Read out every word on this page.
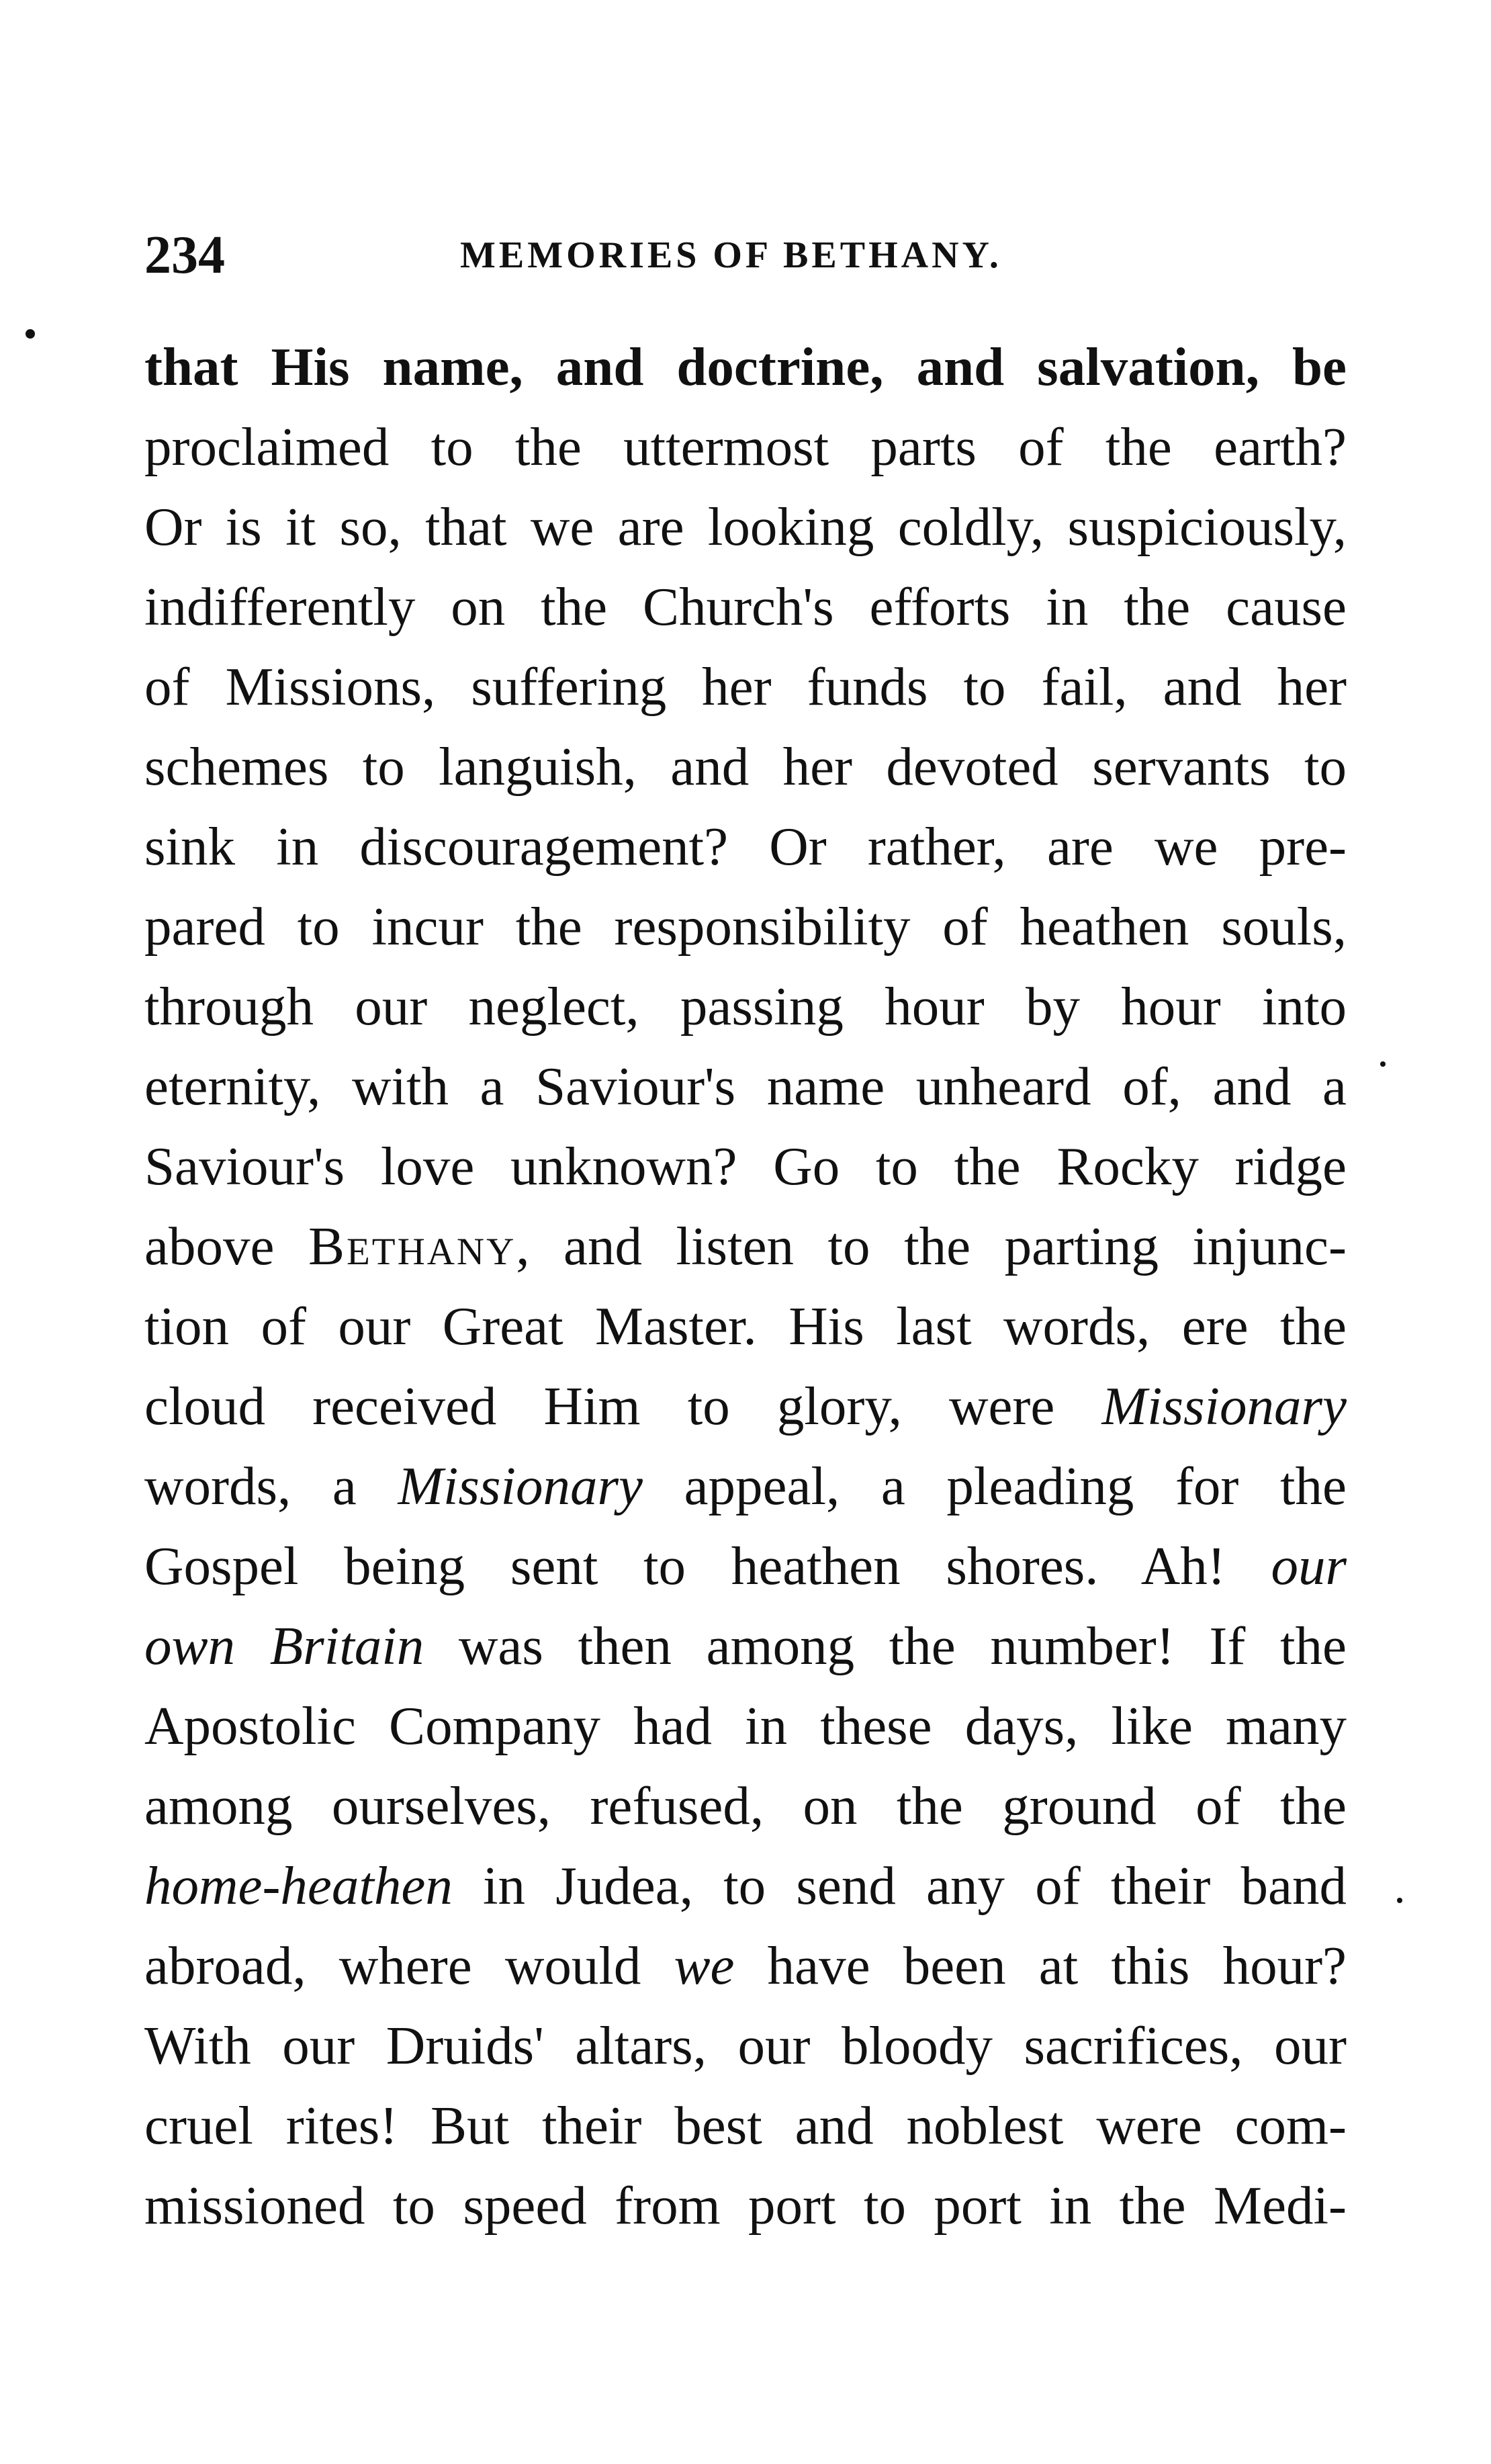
234	MEMORIES OF BETHANY.
that His name, and doctrine, and salvation, be
proclaimed to the uttermost parts of the earth?
Or is it so, that we are looking coldly, suspiciously,
indifferently on the Church's efforts in the cause
of Missions, suffering her funds to fail, and her
schemes to languish, and her devoted servants to
sink in discouragement? Or rather, are we pre-
pared to incur the responsibility of heathen souls,
through our neglect, passing hour by hour into
eternity, with a Saviour's name unheard of, and a
Saviour's love unknown? Go to the Rocky ridge
above Bethany, and listen to the parting injunc-
tion of our Great Master. His last words, ere the
cloud received Him to glory, were Missionary
words, a Missionary appeal, a pleading for the
Gospel being sent to heathen shores. Ah! our
own Britain was then among the number! If the
Apostolic Company had in these days, like many
among ourselves, refused, on the ground of the
home-heathen in Judea, to send any of their band
abroad, where would we have been at this hour?
With our Druids' altars, our bloody sacrifices, our
cruel rites! But their best and noblest were com-
missioned to speed from port to port in the Medi-
